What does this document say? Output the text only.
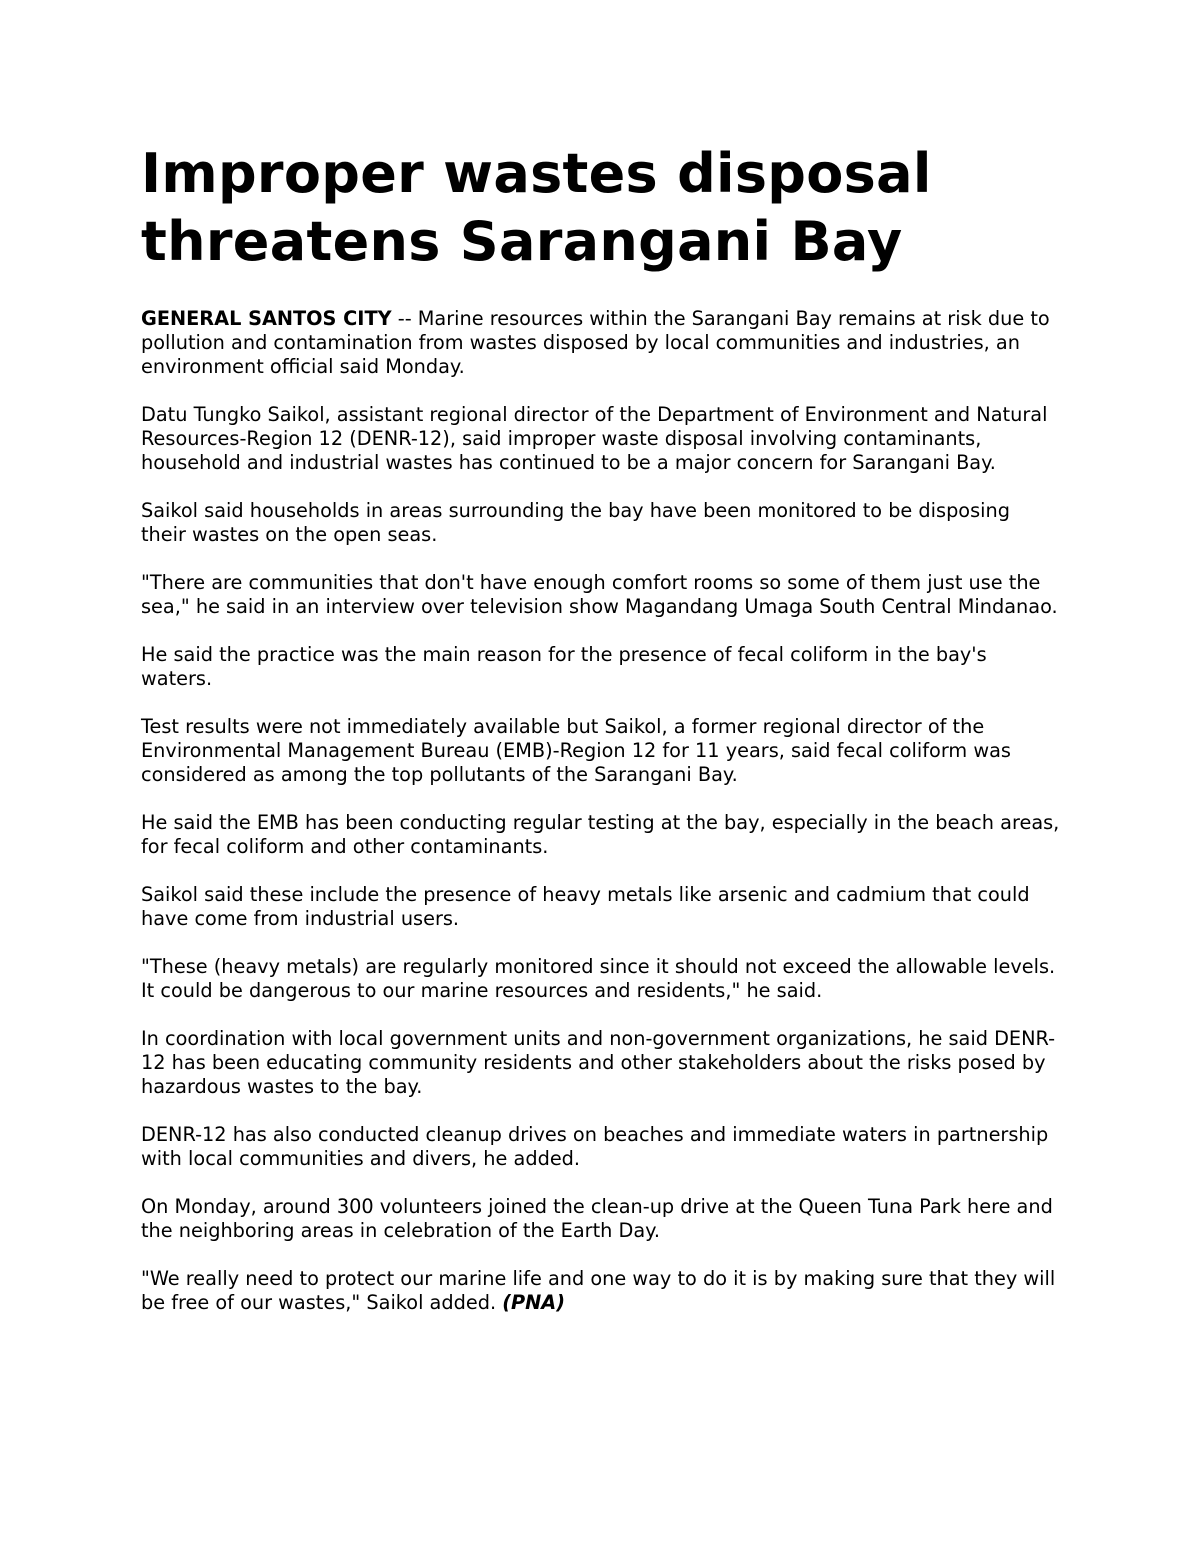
Improper wastes disposal threatens Sarangani Bay

GENERAL SANTOS CITY -- Marine resources within the Sarangani Bay remains at risk due to pollution and contamination from wastes disposed by local communities and industries, an environment official said Monday.

Datu Tungko Saikol, assistant regional director of the Department of Environment and Natural Resources-Region 12 (DENR-12), said improper waste disposal involving contaminants, household and industrial wastes has continued to be a major concern for Sarangani Bay.

Saikol said households in areas surrounding the bay have been monitored to be disposing their wastes on the open seas.

"There are communities that don't have enough comfort rooms so some of them just use the sea," he said in an interview over television show Magandang Umaga South Central Mindanao.

He said the practice was the main reason for the presence of fecal coliform in the bay's waters.

Test results were not immediately available but Saikol, a former regional director of the Environmental Management Bureau (EMB)-Region 12 for 11 years, said fecal coliform was considered as among the top pollutants of the Sarangani Bay.

He said the EMB has been conducting regular testing at the bay, especially in the beach areas, for fecal coliform and other contaminants.

Saikol said these include the presence of heavy metals like arsenic and cadmium that could have come from industrial users.

"These (heavy metals) are regularly monitored since it should not exceed the allowable levels. It could be dangerous to our marine resources and residents," he said.

In coordination with local government units and non-government organizations, he said DENR-12 has been educating community residents and other stakeholders about the risks posed by hazardous wastes to the bay.

DENR-12 has also conducted cleanup drives on beaches and immediate waters in partnership with local communities and divers, he added.

On Monday, around 300 volunteers joined the clean-up drive at the Queen Tuna Park here and the neighboring areas in celebration of the Earth Day.

"We really need to protect our marine life and one way to do it is by making sure that they will be free of our wastes," Saikol added. (PNA)
